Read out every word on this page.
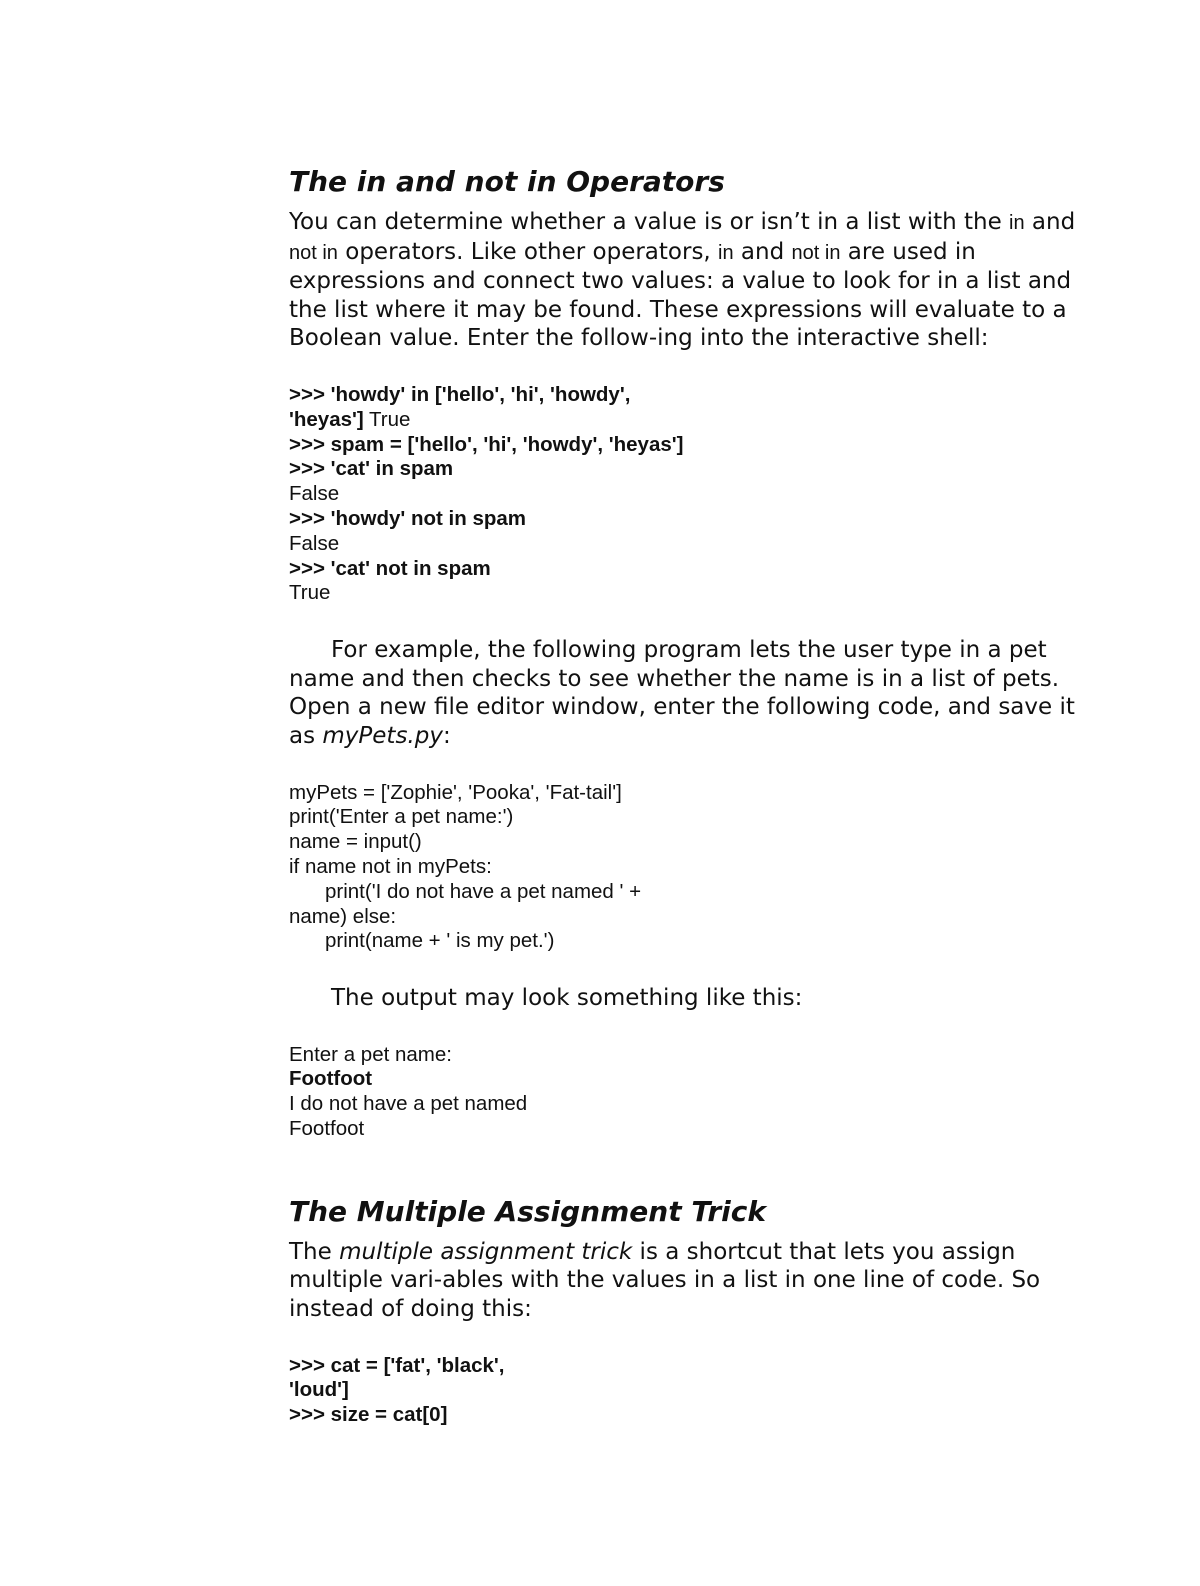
The in and not in Operators

You can determine whether a value is or isn’t in a list with the in and not in operators. Like other operators, in and not in are used in expressions and connect two values: a value to look for in a list and the list where it may be found. These expressions will evaluate to a Boolean value. Enter the follow-ing into the interactive shell:

>>> 'howdy' in ['hello', 'hi', 'howdy',
'heyas'] True
>>> spam = ['hello', 'hi', 'howdy', 'heyas']
>>> 'cat' in spam
False
>>> 'howdy' not in spam
False
>>> 'cat' not in spam
True

For example, the following program lets the user type in a pet name and then checks to see whether the name is in a list of pets. Open a new file editor window, enter the following code, and save it as myPets.py:

myPets = ['Zophie', 'Pooka', 'Fat-tail']
print('Enter a pet name:')
name = input()
if name not in myPets:
print('I do not have a pet named ' +
name) else:
print(name + ' is my pet.')

The output may look something like this:

Enter a pet name:
Footfoot
I do not have a pet named
Footfoot
The Multiple Assignment Trick

The multiple assignment trick is a shortcut that lets you assign multiple vari-ables with the values in a list in one line of code. So instead of doing this:

>>> cat = ['fat', 'black',
'loud']
>>> size = cat[0]
